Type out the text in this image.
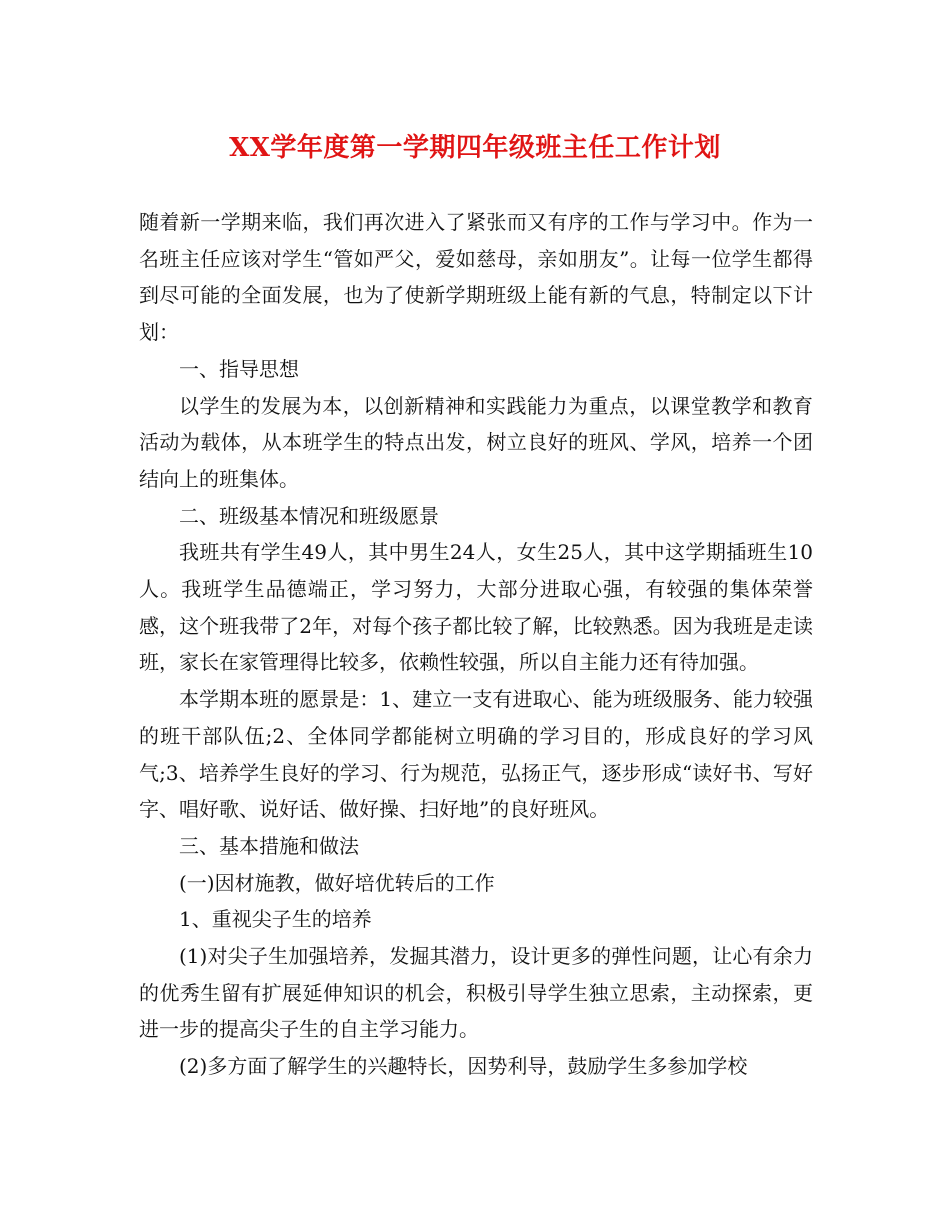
XX学年度第一学期四年级班主任工作计划

随着新一学期来临，我们再次进入了紧张而又有序的工作与学习中。作为一名班主任应该对学生“管如严父，爱如慈母，亲如朋友”。让每一位学生都得到尽可能的全面发展，也为了使新学期班级上能有新的气息，特制定以下计划：

一、指导思想

以学生的发展为本，以创新精神和实践能力为重点，以课堂教学和教育活动为载体，从本班学生的特点出发，树立良好的班风、学风，培养一个团结向上的班集体。

二、班级基本情况和班级愿景

我班共有学生49人，其中男生24人，女生25人，其中这学期插班生10人。我班学生品德端正，学习努力，大部分进取心强，有较强的集体荣誉感，这个班我带了2年，对每个孩子都比较了解，比较熟悉。因为我班是走读班，家长在家管理得比较多，依赖性较强，所以自主能力还有待加强。

本学期本班的愿景是：1、建立一支有进取心、能为班级服务、能力较强的班干部队伍;2、全体同学都能树立明确的学习目的，形成良好的学习风气;3、培养学生良好的学习、行为规范，弘扬正气，逐步形成“读好书、写好字、唱好歌、说好话、做好操、扫好地”的良好班风。

三、基本措施和做法

(一)因材施教，做好培优转后的工作

1、重视尖子生的培养

(1)对尖子生加强培养，发掘其潜力，设计更多的弹性问题，让心有余力的优秀生留有扩展延伸知识的机会，积极引导学生独立思索，主动探索，更进一步的提高尖子生的自主学习能力。

(2)多方面了解学生的兴趣特长，因势利导，鼓励学生多参加学校
